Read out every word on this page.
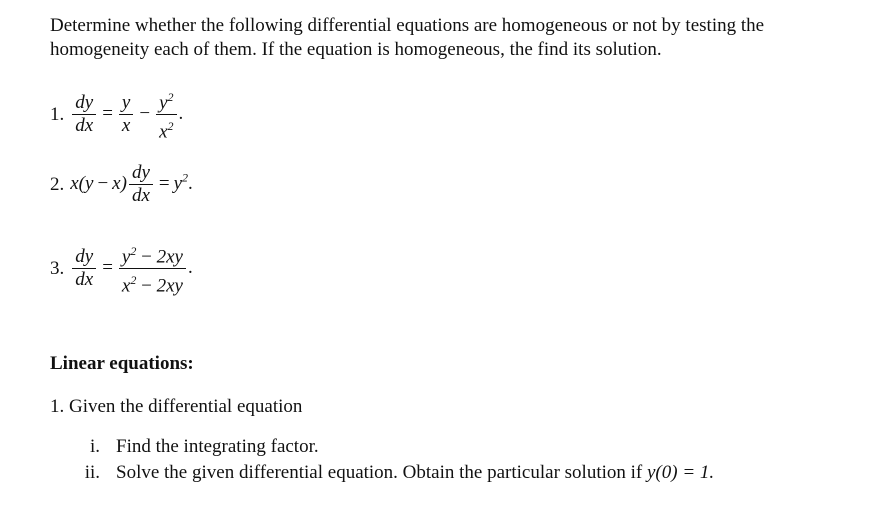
Determine whether the following differential equations are homogeneous or not by testing the homogeneity each of them. If the equation is homogeneous, the find its solution.
1. $\frac{dy}{dx} = \frac{y}{x} - \frac{y^2}{x^2}$ .
2. $x(y - x) \frac{dy}{dx} = y^2$.
3. $\frac{dy}{dx} = \frac{y^2 - 2xy}{x^2 - 2xy}$ .
Linear equations:
1. Given the differential equation
i. Find the integrating factor.
ii. Solve the given differential equation. Obtain the particular solution if y(0) = 1.
